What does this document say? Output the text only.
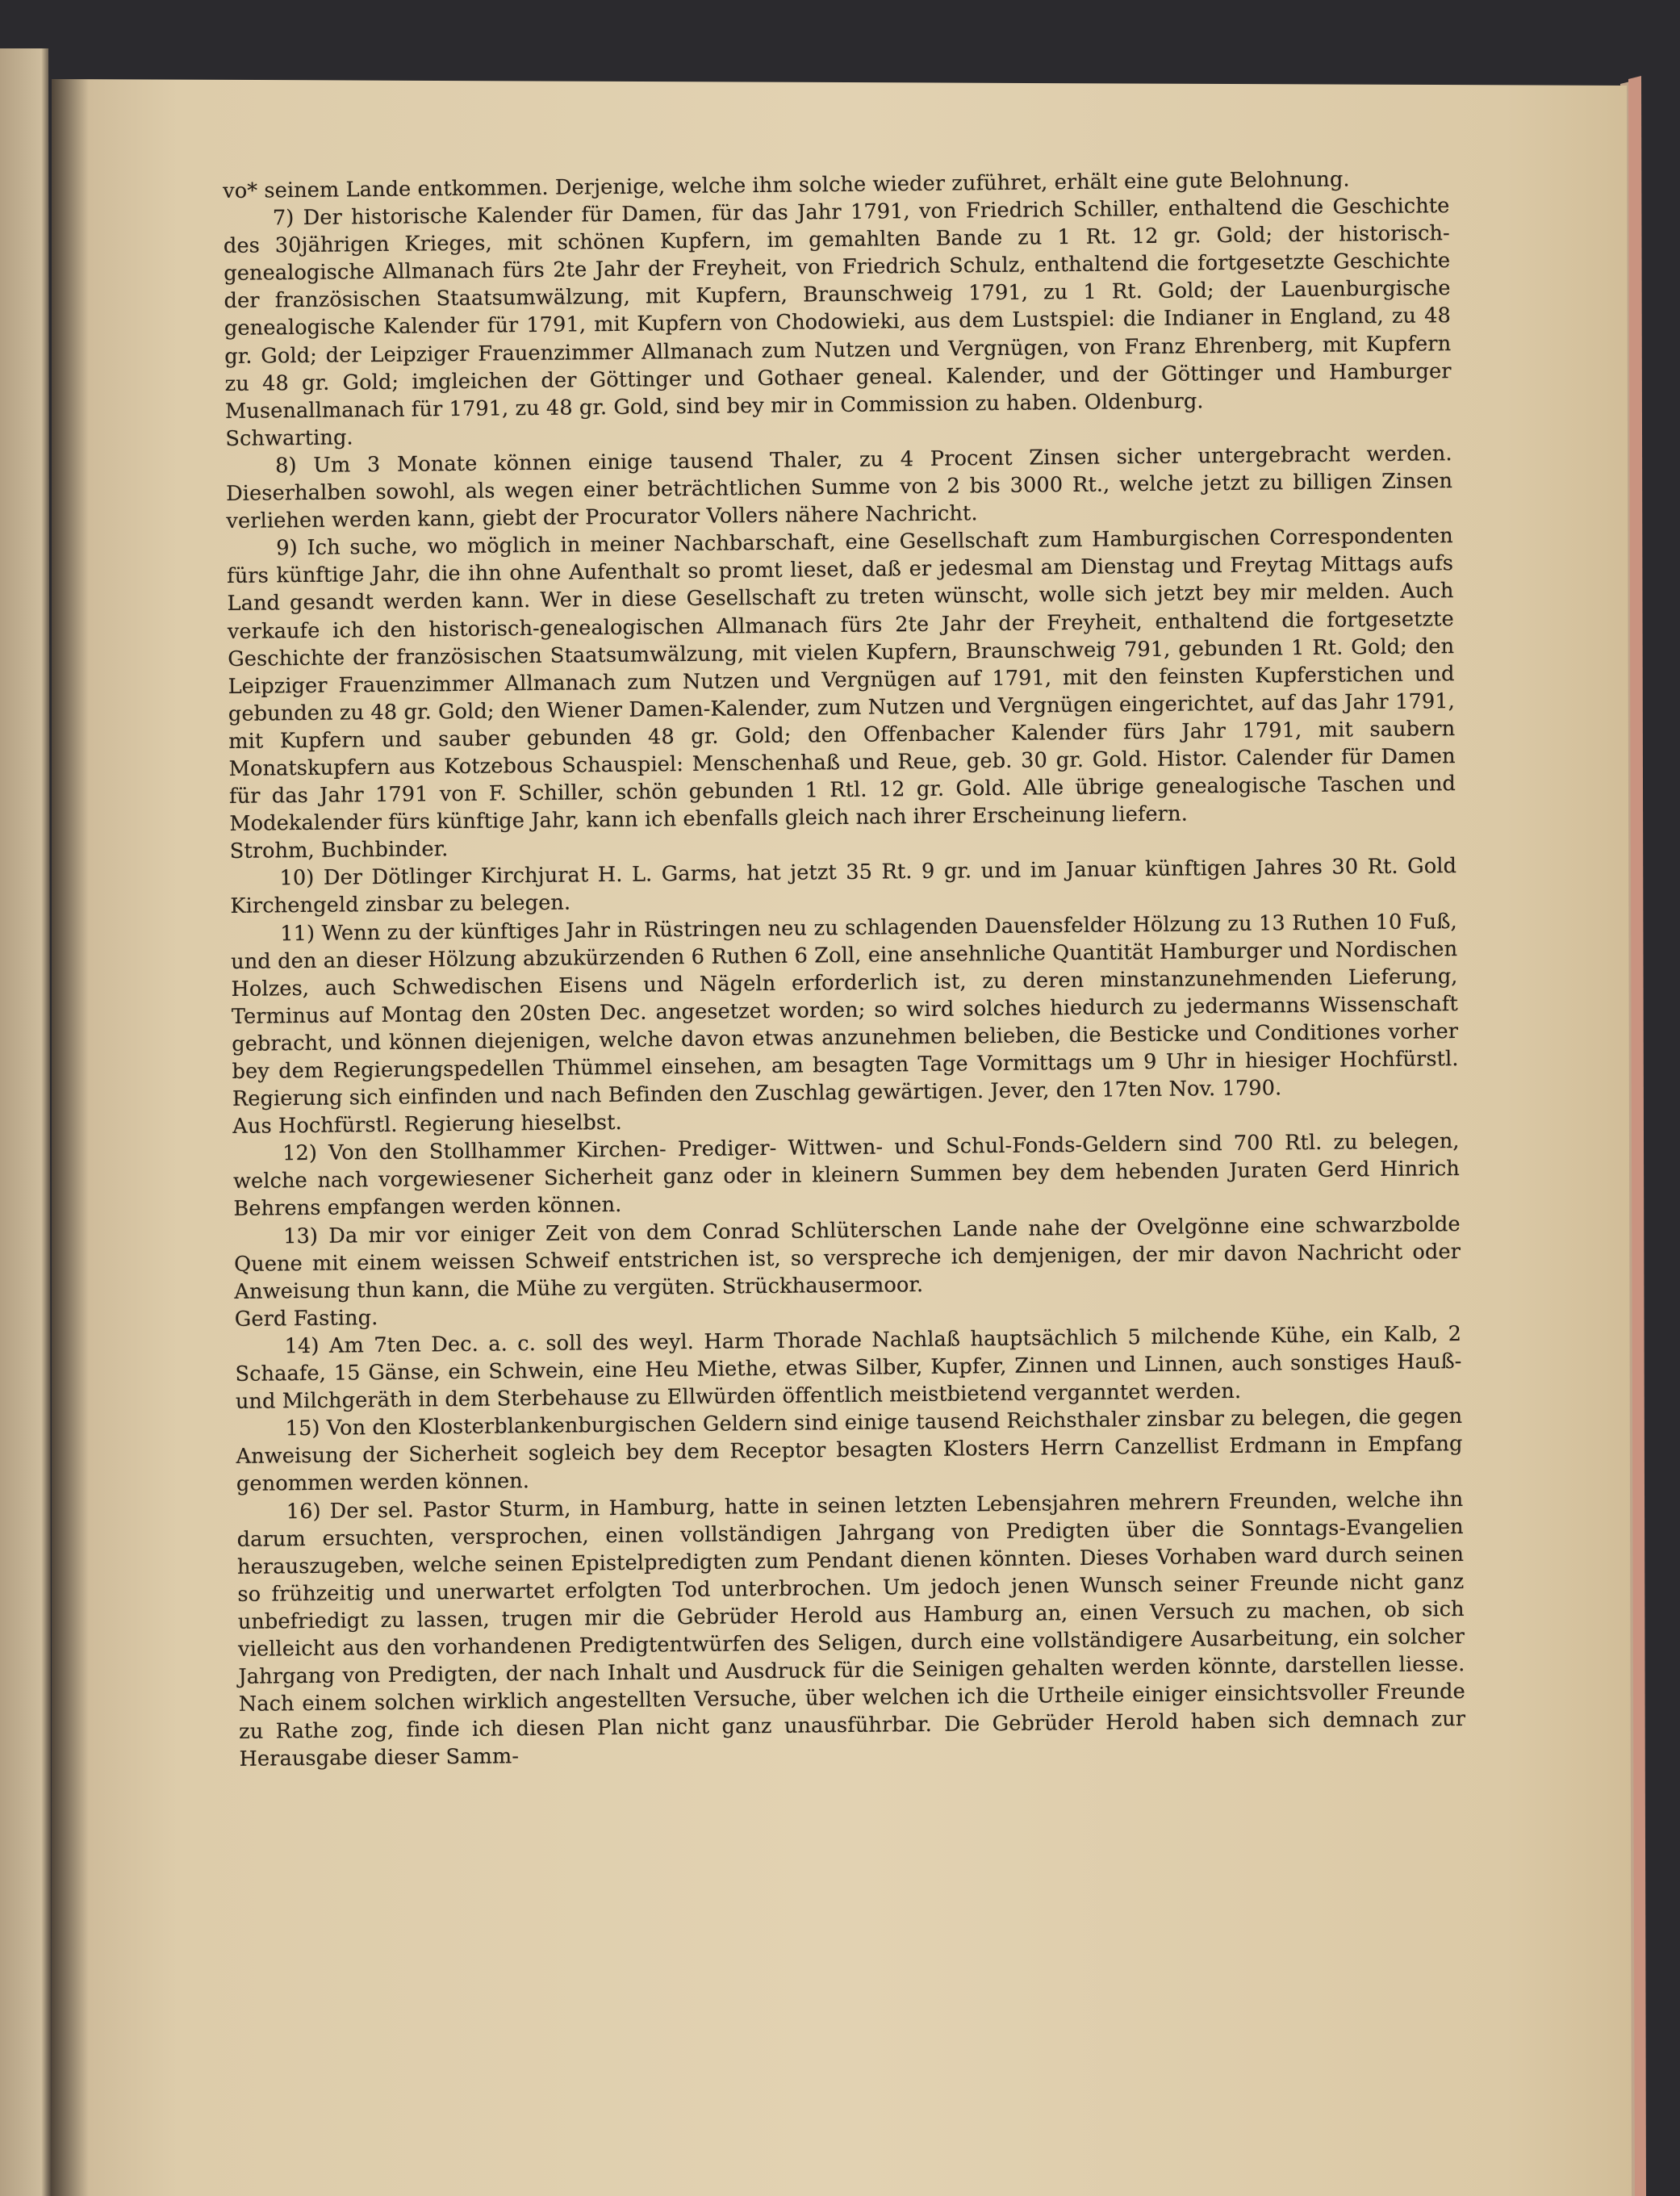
vo* seinem Lande entkommen. Derjenige, welche ihm solche wieder zuführet, erhält eine gute Belohnung.

7) Der historische Kalender für Damen, für das Jahr 1791, von Friedrich Schiller, enthaltend die Geschichte des 30jährigen Krieges, mit schönen Kupfern, im gemahlten Bande zu 1 Rt. 12 gr. Gold; der historisch-genealogische Allmanach fürs 2te Jahr der Freyheit, von Friedrich Schulz, enthaltend die fortgesetzte Geschichte der französischen Staatsumwälzung, mit Kupfern, Braunschweig 1791, zu 1 Rt. Gold; der Lauenburgische genealogische Kalender für 1791, mit Kupfern von Chodowieki, aus dem Lustspiel: die Indianer in England, zu 48 gr. Gold; der Leipziger Frauenzimmer Allmanach zum Nutzen und Vergnügen, von Franz Ehrenberg, mit Kupfern zu 48 gr. Gold; imgleichen der Göttinger und Gothaer geneal. Kalender, und der Göttinger und Hamburger Musenallmanach für 1791, zu 48 gr. Gold, sind bey mir in Commission zu haben. Oldenburg.

Schwarting.

8) Um 3 Monate können einige tausend Thaler, zu 4 Procent Zinsen sicher untergebracht werden. Dieserhalben sowohl, als wegen einer beträchtlichen Summe von 2 bis 3000 Rt., welche jetzt zu billigen Zinsen verliehen werden kann, giebt der Procurator Vollers nähere Nachricht.

9) Ich suche, wo möglich in meiner Nachbarschaft, eine Gesellschaft zum Hamburgischen Correspondenten fürs künftige Jahr, die ihn ohne Aufenthalt so promt lieset, daß er jedesmal am Dienstag und Freytag Mittags aufs Land gesandt werden kann. Wer in diese Gesellschaft zu treten wünscht, wolle sich jetzt bey mir melden. Auch verkaufe ich den historisch-genealogischen Allmanach fürs 2te Jahr der Freyheit, enthaltend die fortgesetzte Geschichte der französischen Staatsumwälzung, mit vielen Kupfern, Braunschweig 791, gebunden 1 Rt. Gold; den Leipziger Frauenzimmer Allmanach zum Nutzen und Vergnügen auf 1791, mit den feinsten Kupferstichen und gebunden zu 48 gr. Gold; den Wiener Damen-Kalender, zum Nutzen und Vergnügen eingerichtet, auf das Jahr 1791, mit Kupfern und sauber gebunden 48 gr. Gold; den Offenbacher Kalender fürs Jahr 1791, mit saubern Monatskupfern aus Kotzebous Schauspiel: Menschenhaß und Reue, geb. 30 gr. Gold. Histor. Calender für Damen für das Jahr 1791 von F. Schiller, schön gebunden 1 Rtl. 12 gr. Gold. Alle übrige genealogische Taschen und Modekalender fürs künftige Jahr, kann ich ebenfalls gleich nach ihrer Erscheinung liefern.

Strohm, Buchbinder.

10) Der Dötlinger Kirchjurat H. L. Garms, hat jetzt 35 Rt. 9 gr. und im Januar künftigen Jahres 30 Rt. Gold Kirchengeld zinsbar zu belegen.

11) Wenn zu der künftiges Jahr in Rüstringen neu zu schlagenden Dauensfelder Hölzung zu 13 Ruthen 10 Fuß, und den an dieser Hölzung abzukürzenden 6 Ruthen 6 Zoll, eine ansehnliche Quantität Hamburger und Nordischen Holzes, auch Schwedischen Eisens und Nägeln erforderlich ist, zu deren minstanzunehmenden Lieferung, Terminus auf Montag den 20sten Dec. angesetzet worden; so wird solches hiedurch zu jedermanns Wissenschaft gebracht, und können diejenigen, welche davon etwas anzunehmen belieben, die Besticke und Conditiones vorher bey dem Regierungspedellen Thümmel einsehen, am besagten Tage Vormittags um 9 Uhr in hiesiger Hochfürstl. Regierung sich einfinden und nach Befinden den Zuschlag gewärtigen. Jever, den 17ten Nov. 1790.

Aus Hochfürstl. Regierung hieselbst.

12) Von den Stollhammer Kirchen- Prediger- Wittwen- und Schul-Fonds-Geldern sind 700 Rtl. zu belegen, welche nach vorgewiesener Sicherheit ganz oder in kleinern Summen bey dem hebenden Juraten Gerd Hinrich Behrens empfangen werden können.

13) Da mir vor einiger Zeit von dem Conrad Schlüterschen Lande nahe der Ovelgönne eine schwarzbolde Quene mit einem weissen Schweif entstrichen ist, so verspreche ich demjenigen, der mir davon Nachricht oder Anweisung thun kann, die Mühe zu vergüten. Strückhausermoor.

Gerd Fasting.

14) Am 7ten Dec. a. c. soll des weyl. Harm Thorade Nachlaß hauptsächlich 5 milchende Kühe, ein Kalb, 2 Schaafe, 15 Gänse, ein Schwein, eine Heu Miethe, etwas Silber, Kupfer, Zinnen und Linnen, auch sonstiges Hauß- und Milchgeräth in dem Sterbehause zu Ellwürden öffentlich meistbietend verganntet werden.

15) Von den Klosterblankenburgischen Geldern sind einige tausend Reichsthaler zinsbar zu belegen, die gegen Anweisung der Sicherheit sogleich bey dem Receptor besagten Klosters Herrn Canzellist Erdmann in Empfang genommen werden können.

16) Der sel. Pastor Sturm, in Hamburg, hatte in seinen letzten Lebensjahren mehrern Freunden, welche ihn darum ersuchten, versprochen, einen vollständigen Jahrgang von Predigten über die Sonntags-Evangelien herauszugeben, welche seinen Epistelpredigten zum Pendant dienen könnten. Dieses Vorhaben ward durch seinen so frühzeitig und unerwartet erfolgten Tod unterbrochen. Um jedoch jenen Wunsch seiner Freunde nicht ganz unbefriedigt zu lassen, trugen mir die Gebrüder Herold aus Hamburg an, einen Versuch zu machen, ob sich vielleicht aus den vorhandenen Predigtentwürfen des Seligen, durch eine vollständigere Ausarbeitung, ein solcher Jahrgang von Predigten, der nach Inhalt und Ausdruck für die Seinigen gehalten werden könnte, darstellen liesse. Nach einem solchen wirklich angestellten Versuche, über welchen ich die Urtheile einiger einsichtsvoller Freunde zu Rathe zog, finde ich diesen Plan nicht ganz unausführbar. Die Gebrüder Herold haben sich demnach zur Herausgabe dieser Samm-
